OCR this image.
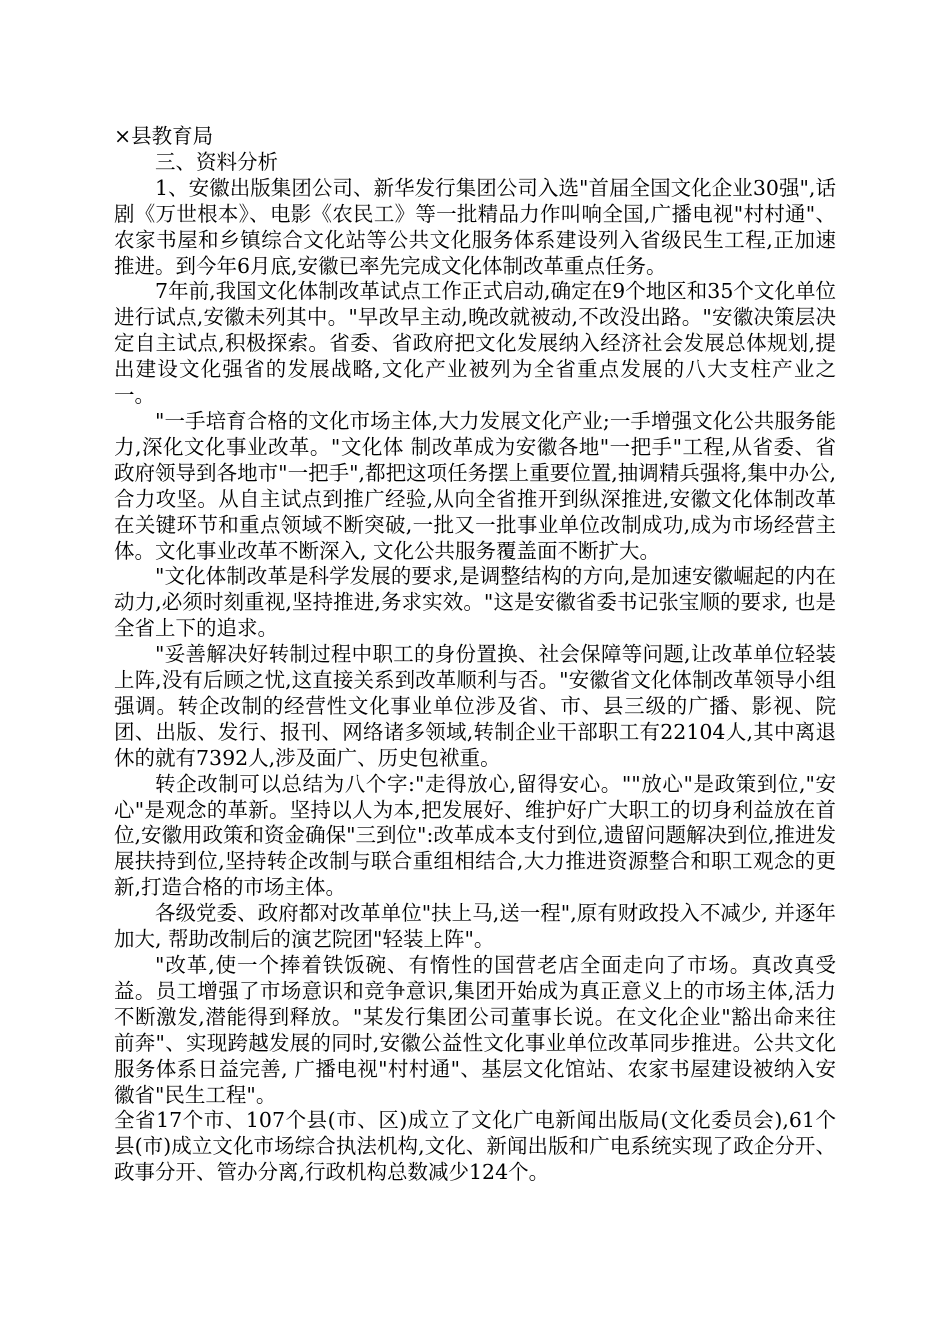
×县教育局

三、资料分析

1、安徽出版集团公司、新华发行集团公司入选"首届全国文化企业30强",话剧《万世根本》、电影《农民工》等一批精品力作叫响全国,广播电视"村村通"、农家书屋和乡镇综合文化站等公共文化服务体系建设列入省级民生工程,正加速推进。到今年6月底,安徽已率先完成文化体制改革重点任务。

7年前,我国文化体制改革试点工作正式启动,确定在9个地区和35个文化单位进行试点,安徽未列其中。"早改早主动,晚改就被动,不改没出路。"安徽决策层决定自主试点,积极探索。省委、省政府把文化发展纳入经济社会发展总体规划,提出建设文化强省的发展战略,文化产业被列为全省重点发展的八大支柱产业之一。

"一手培育合格的文化市场主体,大力发展文化产业;一手增强文化公共服务能力,深化文化事业改革。"文化体 制改革成为安徽各地"一把手"工程,从省委、省政府领导到各地市"一把手",都把这项任务摆上重要位置,抽调精兵强将,集中办公,合力攻坚。从自主试点到推广经验,从向全省推开到纵深推进,安徽文化体制改革在关键环节和重点领域不断突破,一批又一批事业单位改制成功,成为市场经营主体。文化事业改革不断深入, 文化公共服务覆盖面不断扩大。

"文化体制改革是科学发展的要求,是调整结构的方向,是加速安徽崛起的内在动力,必须时刻重视,坚持推进,务求实效。"这是安徽省委书记张宝顺的要求, 也是全省上下的追求。

"妥善解决好转制过程中职工的身份置换、社会保障等问题,让改革单位轻装上阵,没有后顾之忧,这直接关系到改革顺利与否。"安徽省文化体制改革领导小组强调。转企改制的经营性文化事业单位涉及省、市、县三级的广播、影视、院团、出版、发行、报刊、网络诸多领域,转制企业干部职工有22104人,其中离退休的就有7392人,涉及面广、历史包袱重。

转企改制可以总结为八个字:"走得放心,留得安心。""放心"是政策到位,"安心"是观念的革新。坚持以人为本,把发展好、维护好广大职工的切身利益放在首位,安徽用政策和资金确保"三到位":改革成本支付到位,遗留问题解决到位,推进发展扶持到位,坚持转企改制与联合重组相结合,大力推进资源整合和职工观念的更新,打造合格的市场主体。

各级党委、政府都对改革单位"扶上马,送一程",原有财政投入不减少, 并逐年加大, 帮助改制后的演艺院团"轻装上阵"。

"改革,使一个捧着铁饭碗、有惰性的国营老店全面走向了市场。真改真受益。员工增强了市场意识和竞争意识,集团开始成为真正意义上的市场主体,活力不断激发,潜能得到释放。"某发行集团公司董事长说。在文化企业"豁出命来往前奔"、实现跨越发展的同时,安徽公益性文化事业单位改革同步推进。公共文化服务体系日益完善, 广播电视"村村通"、基层文化馆站、农家书屋建设被纳入安徽省"民生工程"。

全省17个市、107个县(市、区)成立了文化广电新闻出版局(文化委员会),61个县(市)成立文化市场综合执法机构,文化、新闻出版和广电系统实现了政企分开、政事分开、管办分离,行政机构总数减少124个。
